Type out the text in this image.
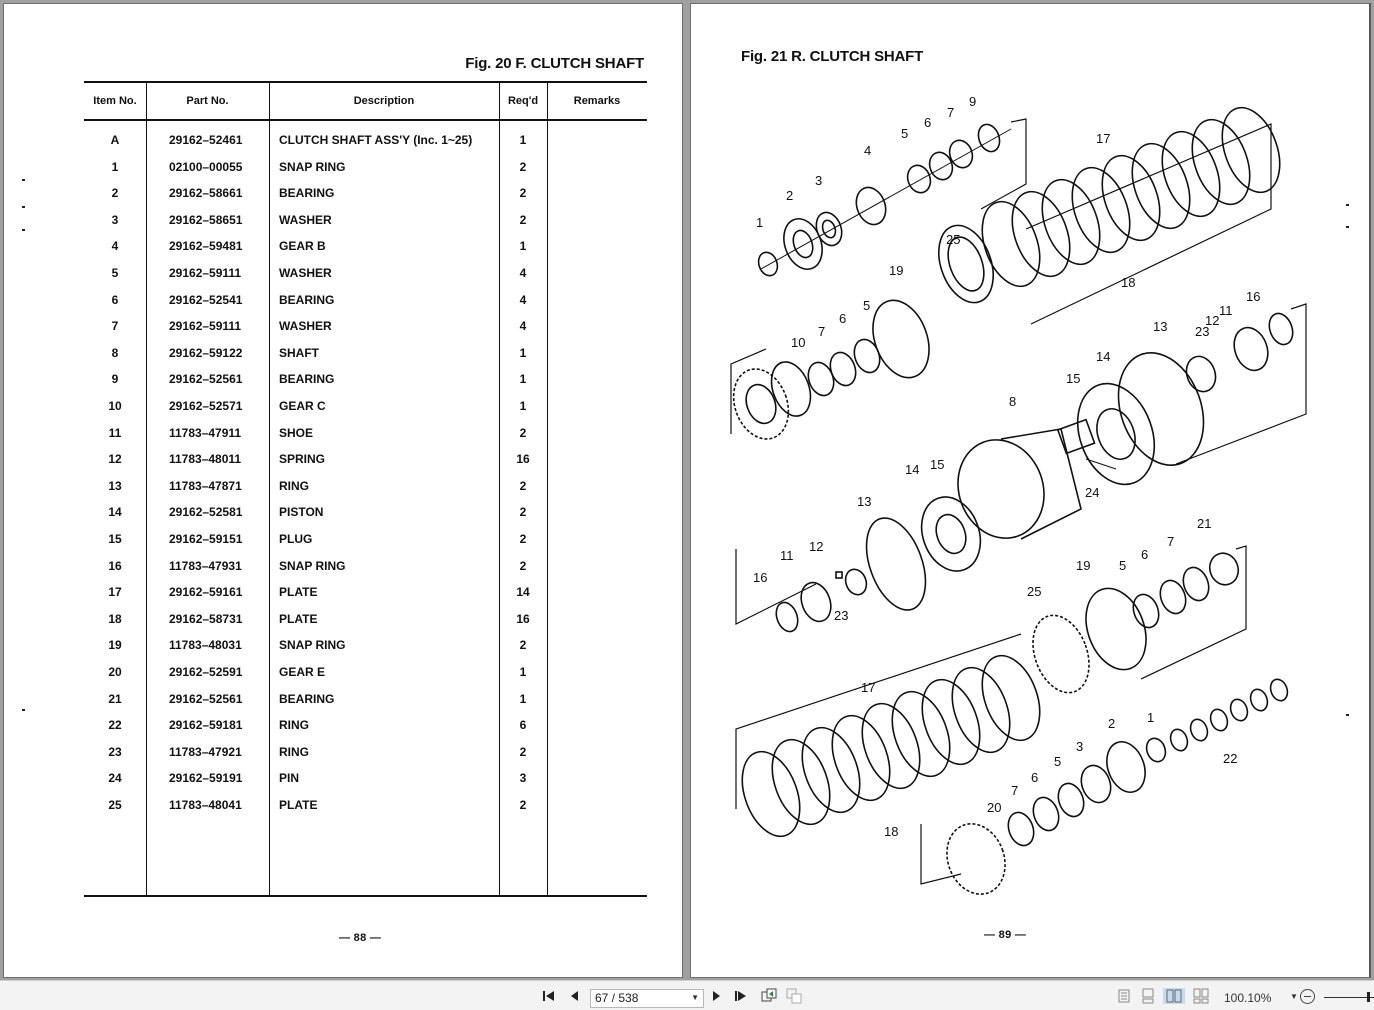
Fig. 20 F. CLUTCH SHAFT
Item No.	Part No.	Description	Req'd	Remarks
A	29162–52461	CLUTCH SHAFT ASS'Y (Inc. 1~25)	1
1	02100–00055	SNAP RING	2
2	29162–58661	BEARING	2
3	29162–58651	WASHER	2
4	29162–59481	GEAR B	1
5	29162–59111	WASHER	4
6	29162–52541	BEARING	4
7	29162–59111	WASHER	4
8	29162–59122	SHAFT	1
9	29162–52561	BEARING	1
10	29162–52571	GEAR C	1
11	11783–47911	SHOE	2
12	11783–48011	SPRING	16
13	11783–47871	RING	2
14	29162–52581	PISTON	2
15	29162–59151	PLUG	2
16	11783–47931	SNAP RING	2
17	29162–59161	PLATE	14
18	29162–58731	PLATE	16
19	11783–48031	SNAP RING	2
20	29162–52591	GEAR E	1
21	29162–52561	BEARING	1
22	29162–59181	RING	6
23	11783–47921	RING	2
24	29162–59191	PIN	3
25	11783–48041	PLATE	2
— 88 —
Fig. 21 R. CLUTCH SHAFT
1
2
3
4
5
6
7
9
17
18
25
19
5
6
7
10
13 23
12
11
16
14
15
8
24
14 15
13
12
11
16
23
21
7
6
5
19
25
17
18
2 1
3
5
6
7
20
22
— 89 —
67 / 538	▼	100.10% ▼
